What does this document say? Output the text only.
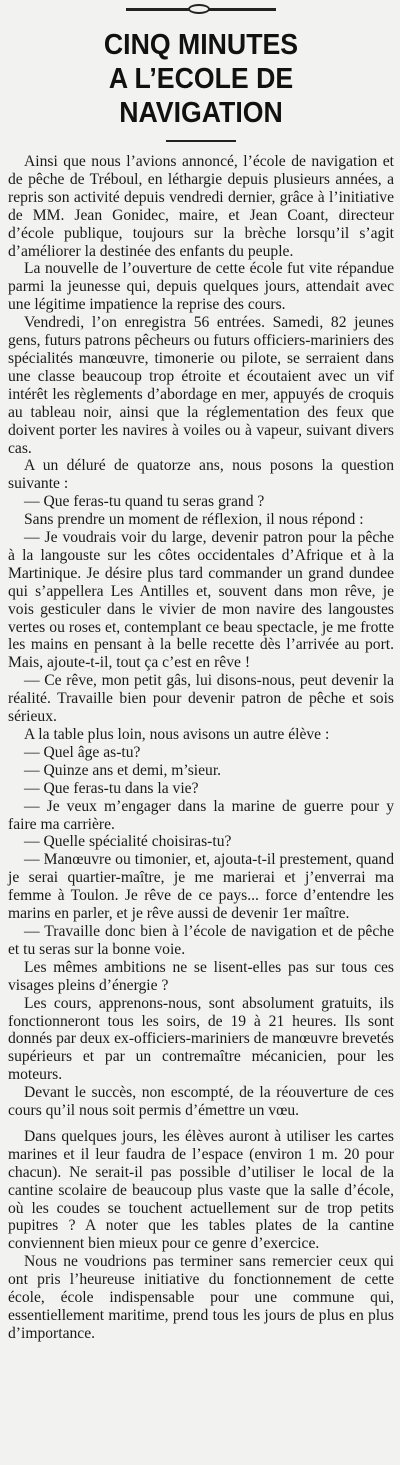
CINQ MINUTES
A L’ECOLE DE NAVIGATION

Ainsi que nous l’avions annoncé, l’école de navigation et de pêche de Tréboul, en léthargie depuis plusieurs années, a repris son activité depuis vendredi dernier, grâce à l’initiative de MM. Jean Gonidec, maire, et Jean Coant, directeur d’école publique, toujours sur la brèche lorsqu’il s’agit d’améliorer la destinée des enfants du peuple.

La nouvelle de l’ouverture de cette école fut vite répandue parmi la jeunesse qui, depuis quelques jours, attendait avec une légitime impatience la reprise des cours.

Vendredi, l’on enregistra 56 entrées. Samedi, 82 jeunes gens, futurs patrons pêcheurs ou futurs officiers-mariniers des spécialités manœuvre, timonerie ou pilote, se serraient dans une classe beaucoup trop étroite et écoutaient avec un vif intérêt les règlements d’abordage en mer, appuyés de croquis au tableau noir, ainsi que la réglementation des feux que doivent porter les navires à voiles ou à vapeur, suivant divers cas.

A un déluré de quatorze ans, nous posons la question suivante :

— Que feras-tu quand tu seras grand ?

Sans prendre un moment de réflexion, il nous répond :

— Je voudrais voir du large, devenir patron pour la pêche à la langouste sur les côtes occidentales d’Afrique et à la Martinique. Je désire plus tard commander un grand dundee qui s’appellera Les Antilles et, souvent dans mon rêve, je vois gesticuler dans le vivier de mon navire des langoustes vertes ou roses et, contemplant ce beau spectacle, je me frotte les mains en pensant à la belle recette dès l’arrivée au port. Mais, ajoute-t-il, tout ça c’est en rêve !

— Ce rêve, mon petit gâs, lui disons-nous, peut devenir la réalité. Travaille bien pour devenir patron de pêche et sois sérieux.

A la table plus loin, nous avisons un autre élève :

— Quel âge as-tu?

— Quinze ans et demi, m’sieur.

— Que feras-tu dans la vie?

— Je veux m’engager dans la marine de guerre pour y faire ma carrière.

— Quelle spécialité choisiras-tu?

— Manœuvre ou timonier, et, ajouta-t-il prestement, quand je serai quartier-maître, je me marierai et j’enverrai ma femme à Toulon. Je rêve de ce pays... force d’entendre les marins en parler, et je rêve aussi de devenir 1er maître.

— Travaille donc bien à l’école de navigation et de pêche et tu seras sur la bonne voie.

Les mêmes ambitions ne se lisent-elles pas sur tous ces visages pleins d’énergie ?

Les cours, apprenons-nous, sont absolument gratuits, ils fonctionneront tous les soirs, de 19 à 21 heures. Ils sont donnés par deux ex-officiers-mariniers de manœuvre brevetés supérieurs et par un contremaître mécanicien, pour les moteurs.

Devant le succès, non escompté, de la réouverture de ces cours qu’il nous soit permis d’émettre un vœu.

Dans quelques jours, les élèves auront à utiliser les cartes marines et il leur faudra de l’espace (environ 1 m. 20 pour chacun). Ne serait-il pas possible d’utiliser le local de la cantine scolaire de beaucoup plus vaste que la salle d’école, où les coudes se touchent actuellement sur de trop petits pupitres ? A noter que les tables plates de la cantine conviennent bien mieux pour ce genre d’exercice.

Nous ne voudrions pas terminer sans remercier ceux qui ont pris l’heureuse initiative du fonctionnement de cette école, école indispensable pour une commune qui, essentiellement maritime, prend tous les jours de plus en plus d’importance.
